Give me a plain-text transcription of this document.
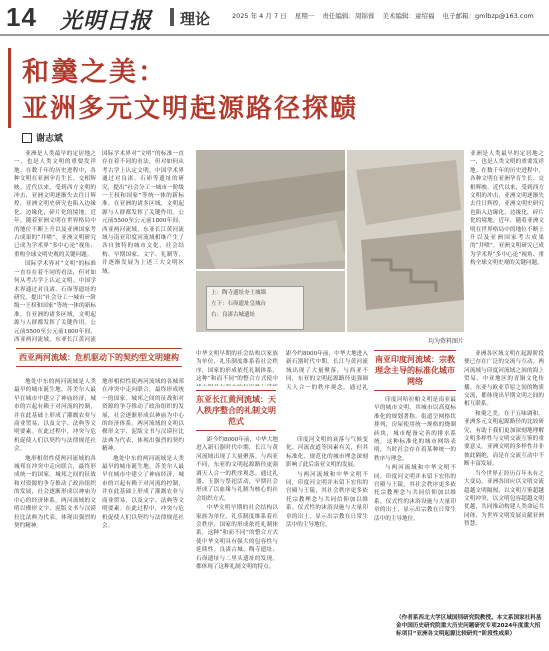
14 光明日报 理论	2025 年 4 月 7 日 星期一 责任编辑：周锦蓉 美术编辑：童绍福 电子邮箱：gmlbzp@163.com
和羹之美：
亚洲多元文明起源路径探赜
谢志斌

亚洲是人类最早的定居地之一，也是人类文明的重要发祥地。在数千年的历史进程中，各种文明在亚洲孕育生长、交相辉映。近代以来，受到西方文明的冲击，亚洲文明逐渐失去往日辉煌，亚洲文明史研究也陷入边缘化、边缘化，碎片化的境地。近年，随着亚洲文明在世界格局中的地位不断上升以及亚洲国家考古成果的“井喷”，亚洲文明研究已成为学术界“多中心论”视角、重构全球文明史观的关键问题。

国际学术界对“文明”的标准一直存在着不同的看法，但对如何从考古学上认定文明。中国学术界通过对良渚、石峁等遗址的研究，提出“社会分工一城市一阶级一王权和国家”等统一体的新标准。在亚洲的诸多区域，文明起源与人群都发挥了关键作用。公元前5500至公元前1800年间，西亚两河流域、东亚长江黄河流

国际学术界对“文明”的标准一直存在着不同的看法，但对如何从考古学上认定文明。中国学术界通过对良渚、石峁等遗址的研究，提出“社会分工一城市一阶级一王权和国家”等统一体的新标准。在亚洲的诸多区域，文明起源与人群都发挥了关键作用。公元前5500至公元前1800年间，西亚两河流域、东亚长江黄河流域与南亚印度河流域相继产生了各自独特的城市文化，社会结构、早期国家、文字、礼制等，并逐渐发展为上述三大文明区域。

西亚两河流域：危机驱动下的契约型文明建构

地处中东的两河流域是人类最早的城市诞生地。苏美尔人最早在城市中建立了神庙经济，城市的兴起有赖于对河流的控制，并在此基础上形成了灌溉农业与商业贸易，以及文字、法典等文明要素。在此过程中，冲突与危机促使人们以契约与法律规范社会。

地形相似性使两河流域的各城邦在冲突中走向联合，最终形成统一的国家。城邦之间的征战和对资源的争夺推动了政治组织的发展，社会逐渐形成以神庙为中心的经济体系。两河流域的文明以楔形文字、泥版文书与汉谟拉比法典为代表，体现出强烈的契约精神。

地形相似性使两河流域的各城邦在冲突中走向联合，最终形成统一的国家。城邦之间的征战和对资源的争夺推动了政治组织的发展，社会逐渐形成以神庙为中心的经济体系。两河流域的文明以楔形文字、泥版文书与汉谟拉比法典为代表，体现出强烈的契约精神。

地处中东的两河流域是人类最早的城市诞生地。苏美尔人最早在城市中建立了神庙经济，城市的兴起有赖于对河流的控制，并在此基础上形成了灌溉农业与商业贸易，以及文字、法典等文明要素。在此过程中，冲突与危机促使人们以契约与法律规范社会。

上：陶寺遗址夯土城墙
左下：石峁遗址皇城台
右：良渚古城遗址
均为资料图片

中华文明早期的社会结构以家族为单位，礼乐制度维系着社会秩序，国家的形成依托礼制体系，这种“和而不同”的整合方式使中

东亚长江黄河流域：天人秩序整合的礼制文明范式

距今约8000年前，中华大地进入新石器时代中期，长江与黄河流域出现了大量聚落。与西亚不同，东亚的文明起源路径更强调天人合一的秩序观念。通过礼器、玉器与祭祀活动，早期社会形成了以血缘与礼制为核心的社会组织方式。

中华文明早期的社会结构以家族为单位，礼乐制度维系着社会秩序，国家的形成依托礼制体系，这种“和而不同”的整合方式使中华文明具有强大的包容性与延续性。良渚古城、陶寺遗址、石峁遗址与二里头遗址的发现，都体现了这种礼制文明的特点。

距今约8000年前，中华大地进入新石器时代中期，长江与黄河流域出现了大量聚落。与西亚不同，东亚的文明起源路径更强调天人合一的秩序观念。通过礼

印度河文明的衰落与气候变化、河流改道等因素有关，但其标准化、规范化的城市理念深刻影响了此后南亚文明的发展。

与两河流域和中华文明不同，印度河文明并未留下宏伟的宫殿与王陵，其社会秩序更多依托宗教理念与共同信仰加以维系。仪式性的沐浴设施与大量印章的出土，显示出宗教在日常生活中的主导地位。

南亚印度河流域：宗教理念主导的标准化城市网络

印度河哈拉帕文明是南亚最早的城市文明，其城市以高度标准化的规划著称。街道呈网格状排列，房屋使用统一规格的烧制砖块，城市配备完善的排水系统。这种标准化的城市网络表明，当时社会存在着某种统一的秩序与理念。

与两河流域和中华文明不同，印度河文明并未留下宏伟的宫殿与王陵，其社会秩序更多依托宗教理念与共同信仰加以维系。仪式性的沐浴设施与大量印章的出土，显示出宗教在日常生活中的主导地位。

亚洲是人类最早的定居地之一，也是人类文明的重要发祥地。在数千年的历史进程中，各种文明在亚洲孕育生长、交相辉映。近代以来，受到西方文明的冲击，亚洲文明逐渐失去往日辉煌，亚洲文明史研究也陷入边缘化、边缘化，碎片化的境地。近年，随着亚洲文明在世界格局中的地位不断上升以及亚洲国家考古成果的“井喷”，亚洲文明研究已成为学术界“多中心论”视角、重构全球文明史观的关键问题。

亚洲各区域文明在起源阶段便已存在广泛的交流与互动。两河流域与印度河流域之间的海上贸易、中亚地区的青铜文化传播、东亚与欧亚草原之间的物质交流，都体现出早期文明之间的相互联系。

和羹之美，在于五味调和。亚洲多元文明起源路径的比较研究，有助于我们更加深刻地理解文明多样性与文明交流互鉴的重要意义。亚洲文明的多样性并非彼此隔绝，而是在交流互动中不断丰富发展。

当今世界正经历百年未有之大变局，亚洲各国应以文明交流超越文明隔阂，以文明互鉴超越文明冲突，以文明包容超越文明优越，共同推动构建人类命运共同体，为世界文明发展贡献亚洲智慧。

（作者系西北大学区域国别研究院教授。本文系国家社科基金中国历史研究院重大历史问题研究专项2024年度重大招标项目“亚洲各文明起源比较研究”阶段性成果）
